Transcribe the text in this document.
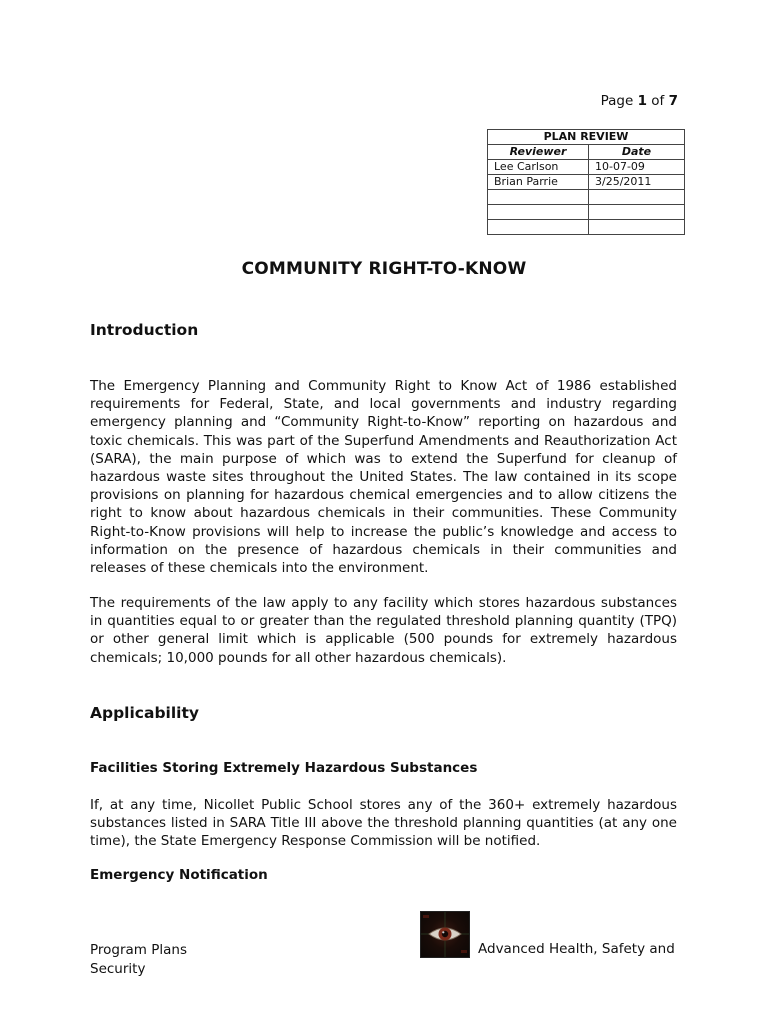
Page 1 of 7
PLAN REVIEW	
Reviewer	Date
Lee Carlson	10-07-09
Brian Parrie	3/25/2011

COMMUNITY RIGHT-TO-KNOW
Introduction
The Emergency Planning and Community Right to Know Act of 1986 established requirements for Federal, State, and local governments and industry regarding emergency planning and “Community Right-to-Know” reporting on hazardous and toxic chemicals. This was part of the Superfund Amendments and Reauthorization Act (SARA), the main purpose of which was to extend the Superfund for cleanup of hazardous waste sites throughout the United States. The law contained in its scope provisions on planning for hazardous chemical emergencies and to allow citizens the right to know about hazardous chemicals in their communities. These Community Right-to-Know provisions will help to increase the public’s knowledge and access to information on the presence of hazardous chemicals in their communities and releases of these chemicals into the environment.
The requirements of the law apply to any facility which stores hazardous substances in quantities equal to or greater than the regulated threshold planning quantity (TPQ) or other general limit which is applicable (500 pounds for extremely hazardous chemicals; 10,000 pounds for all other hazardous chemicals).
Applicability
Facilities Storing Extremely Hazardous Substances
If, at any time, Nicollet Public School stores any of the 360+ extremely hazardous substances listed in SARA Title III above the threshold planning quantities (at any one time), the State Emergency Response Commission will be notified.
Emergency Notification
Program Plans
Security
Advanced Health, Safety and
